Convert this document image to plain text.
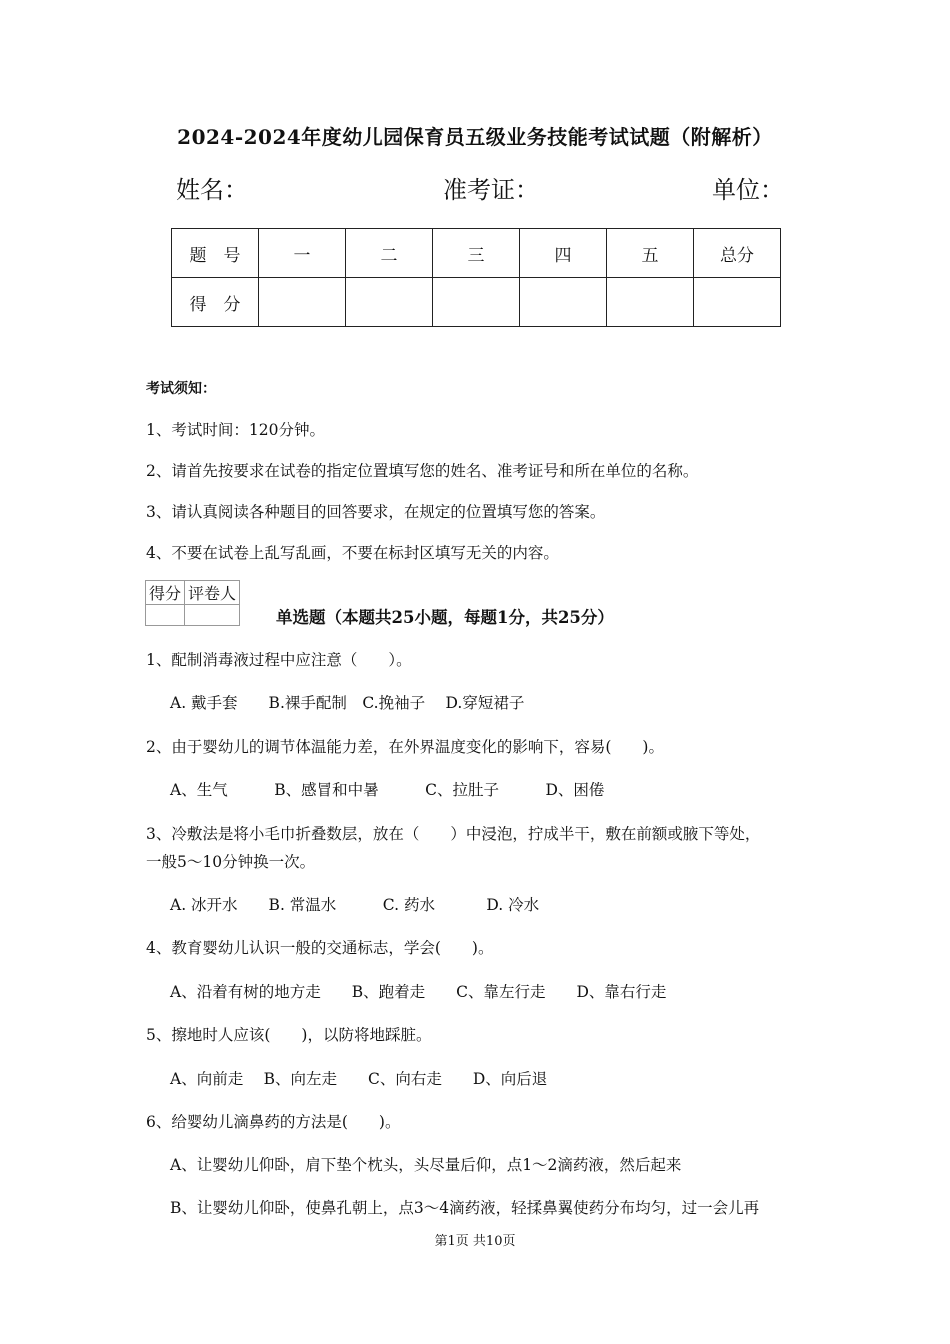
2024-2024年度幼儿园保育员五级业务技能考试试题（附解析）
姓名：	准考证：	单位：
题　号	一	二	三	四	五	总分
得　分						
考试须知：
1、考试时间：120分钟。
2、请首先按要求在试卷的指定位置填写您的姓名、准考证号和所在单位的名称。
3、请认真阅读各种题目的回答要求，在规定的位置填写您的答案。
4、不要在试卷上乱写乱画，不要在标封区填写无关的内容。
得分	评卷人

单选题（本题共25小题，每题1分，共25分）
1、配制消毒液过程中应注意（　　）。
A. 戴手套　　B.裸手配制　C.挽袖子　 D.穿短裙子
2、由于婴幼儿的调节体温能力差，在外界温度变化的影响下，容易(　　)。
A、生气　　　B、感冒和中暑　　　C、拉肚子　　　D、困倦
3、冷敷法是将小毛巾折叠数层，放在（　　）中浸泡，拧成半干，敷在前额或腋下等处，
一般5～10分钟换一次。
A. 冰开水　　B. 常温水　　　C. 药水　　　 D. 冷水
4、教育婴幼儿认识一般的交通标志，学会(　　)。
A、沿着有树的地方走　　B、跑着走　　C、靠左行走　　D、靠右行走
5、擦地时人应该(　　)，以防将地踩脏。
A、向前走　 B、向左走　　C、向右走　　D、向后退
6、给婴幼儿滴鼻药的方法是(　　)。
A、让婴幼儿仰卧，肩下垫个枕头，头尽量后仰，点1～2滴药液，然后起来
B、让婴幼儿仰卧，使鼻孔朝上，点3～4滴药液，轻揉鼻翼使药分布均匀，过一会儿再
第1页 共10页
